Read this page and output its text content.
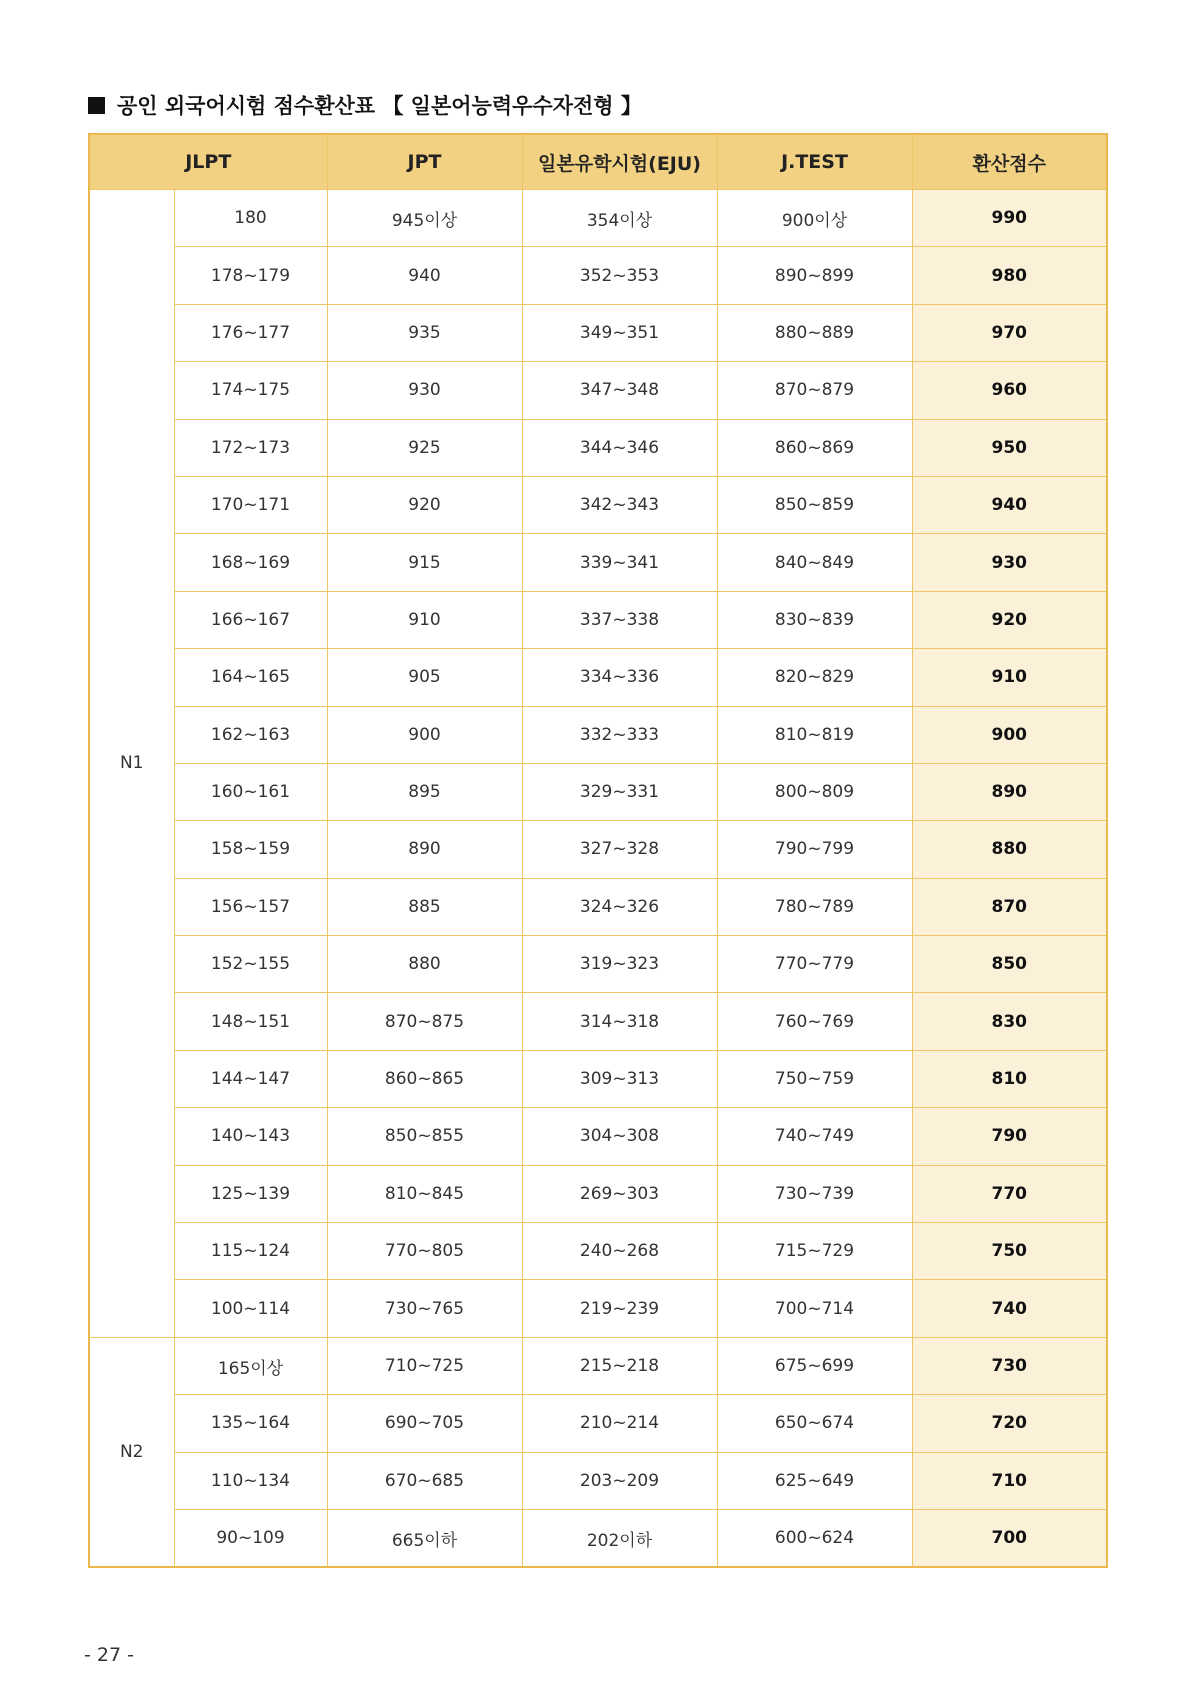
공인 외국어시험 점수환산표 【 일본어능력우수자전형 】
JLPT		JPT	일본유학시험(EJU)	J.TEST	환산점수
N1	180	945이상	354이상	900이상	990
	178~179	940	352~353	890~899	980
	176~177	935	349~351	880~889	970
	174~175	930	347~348	870~879	960
	172~173	925	344~346	860~869	950
	170~171	920	342~343	850~859	940
	168~169	915	339~341	840~849	930
	166~167	910	337~338	830~839	920
	164~165	905	334~336	820~829	910
	162~163	900	332~333	810~819	900
	160~161	895	329~331	800~809	890
	158~159	890	327~328	790~799	880
	156~157	885	324~326	780~789	870
	152~155	880	319~323	770~779	850
	148~151	870~875	314~318	760~769	830
	144~147	860~865	309~313	750~759	810
	140~143	850~855	304~308	740~749	790
	125~139	810~845	269~303	730~739	770
	115~124	770~805	240~268	715~729	750
	100~114	730~765	219~239	700~714	740
N2	165이상	710~725	215~218	675~699	730
	135~164	690~705	210~214	650~674	720
	110~134	670~685	203~209	625~649	710
	90~109	665이하	202이하	600~624	700
- 27 -
